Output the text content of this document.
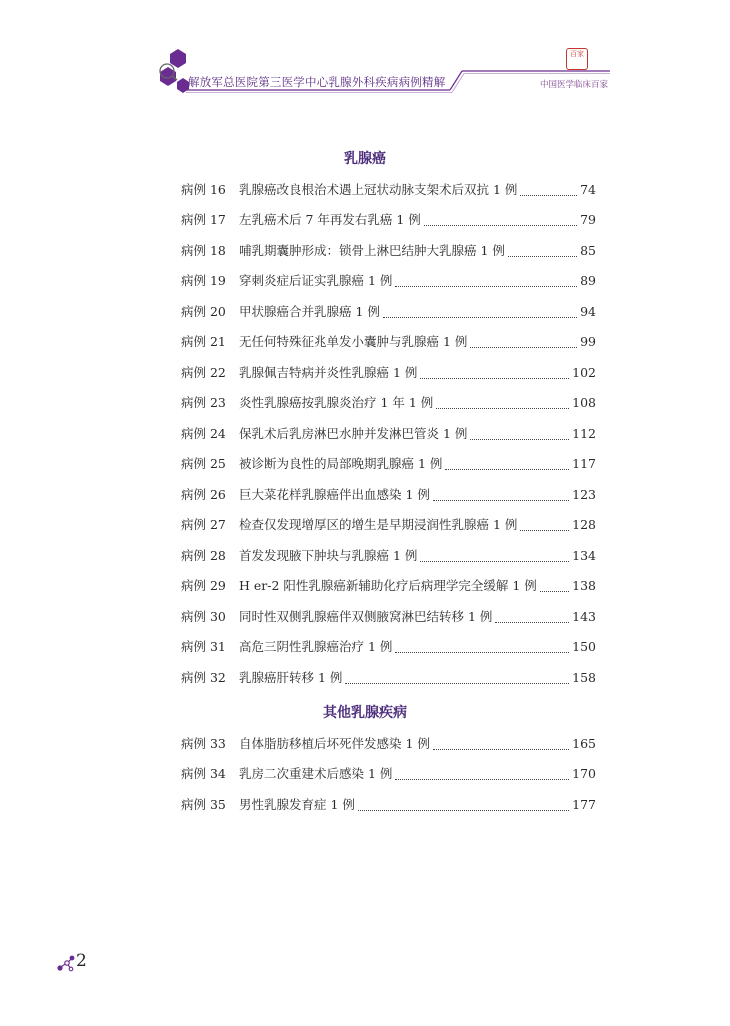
解放军总医院第三医学中心乳腺外科疾病病例精解
百家
中国医学临床百家
乳腺癌
病例 16	乳腺癌改良根治术遇上冠状动脉支架术后双抗 1 例	74
病例 17	左乳癌术后 7 年再发右乳癌 1 例	79
病例 18	哺乳期囊肿形成：锁骨上淋巴结肿大乳腺癌 1 例	85
病例 19	穿刺炎症后证实乳腺癌 1 例	89
病例 20	甲状腺癌合并乳腺癌 1 例	94
病例 21	无任何特殊征兆单发小囊肿与乳腺癌 1 例	99
病例 22	乳腺佩吉特病并炎性乳腺癌 1 例	102
病例 23	炎性乳腺癌按乳腺炎治疗 1 年 1 例	108
病例 24	保乳术后乳房淋巴水肿并发淋巴管炎 1 例	112
病例 25	被诊断为良性的局部晚期乳腺癌 1 例	117
病例 26	巨大菜花样乳腺癌伴出血感染 1 例	123
病例 27	检查仅发现增厚区的增生是早期浸润性乳腺癌 1 例	128
病例 28	首发发现腋下肿块与乳腺癌 1 例	134
病例 29	H er-2 阳性乳腺癌新辅助化疗后病理学完全缓解 1 例	138
病例 30	同时性双侧乳腺癌伴双侧腋窝淋巴结转移 1 例	143
病例 31	高危三阴性乳腺癌治疗 1 例	150
病例 32	乳腺癌肝转移 1 例	158
其他乳腺疾病
病例 33	自体脂肪移植后坏死伴发感染 1 例	165
病例 34	乳房二次重建术后感染 1 例	170
病例 35	男性乳腺发育症 1 例	177
2
